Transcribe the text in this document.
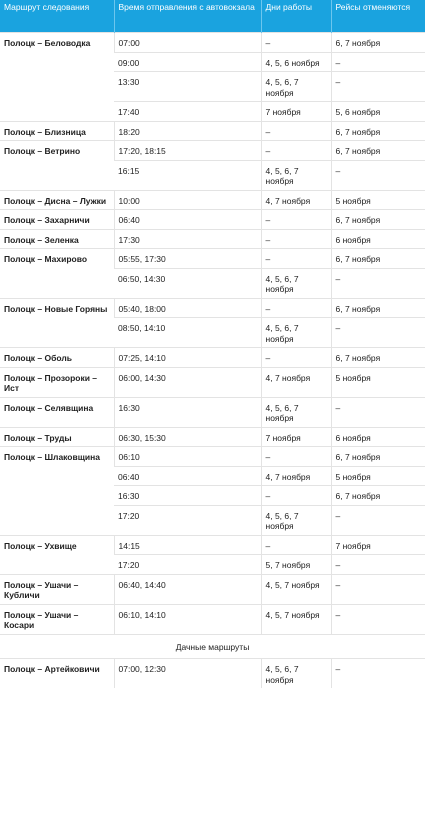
Маршрут следования	Время отправления с автовокзала	Дни работы	Рейсы отменяются
Полоцк – Беловодка	07:00	–	6, 7 ноября
	09:00	4, 5, 6 ноября	–
	13:30	4, 5, 6, 7 ноября	–
	17:40	7 ноября	5, 6 ноября
Полоцк – Близница	18:20	–	6, 7 ноября
Полоцк – Ветрино	17:20, 18:15	–	6, 7 ноября
	16:15	4, 5, 6, 7 ноября	–
Полоцк – Дисна – Лужки	10:00	4, 7 ноября	5 ноября
Полоцк – Захарничи	06:40	–	6, 7 ноября
Полоцк – Зеленка	17:30	–	6 ноября
Полоцк – Махирово	05:55, 17:30	–	6, 7 ноября
	06:50, 14:30	4, 5, 6, 7 ноября	–
Полоцк – Новые Горяны	05:40, 18:00	–	6, 7 ноября
	08:50, 14:10	4, 5, 6, 7 ноября	–
Полоцк – Оболь	07:25, 14:10	–	6, 7 ноября
Полоцк – Прозороки – Ист	06:00, 14:30	4, 7 ноября	5 ноября
Полоцк – Селявщина	16:30	4, 5, 6, 7 ноября	–
Полоцк – Труды	06:30, 15:30	7 ноября	6 ноября
Полоцк – Шлаковщина	06:10	–	6, 7 ноября
	06:40	4, 7 ноября	5 ноября
	16:30	–	6, 7 ноября
	17:20	4, 5, 6, 7 ноября	–
Полоцк – Ухвище	14:15	–	7 ноября
	17:20	5, 7 ноября	–
Полоцк – Ушачи – Кубличи	06:40, 14:40	4, 5, 7 ноября	–
Полоцк – Ушачи – Косари	06:10, 14:10	4, 5, 7 ноября	–
Дачные маршруты			
Полоцк – Артейковичи	07:00, 12:30	4, 5, 6, 7 ноября	–
